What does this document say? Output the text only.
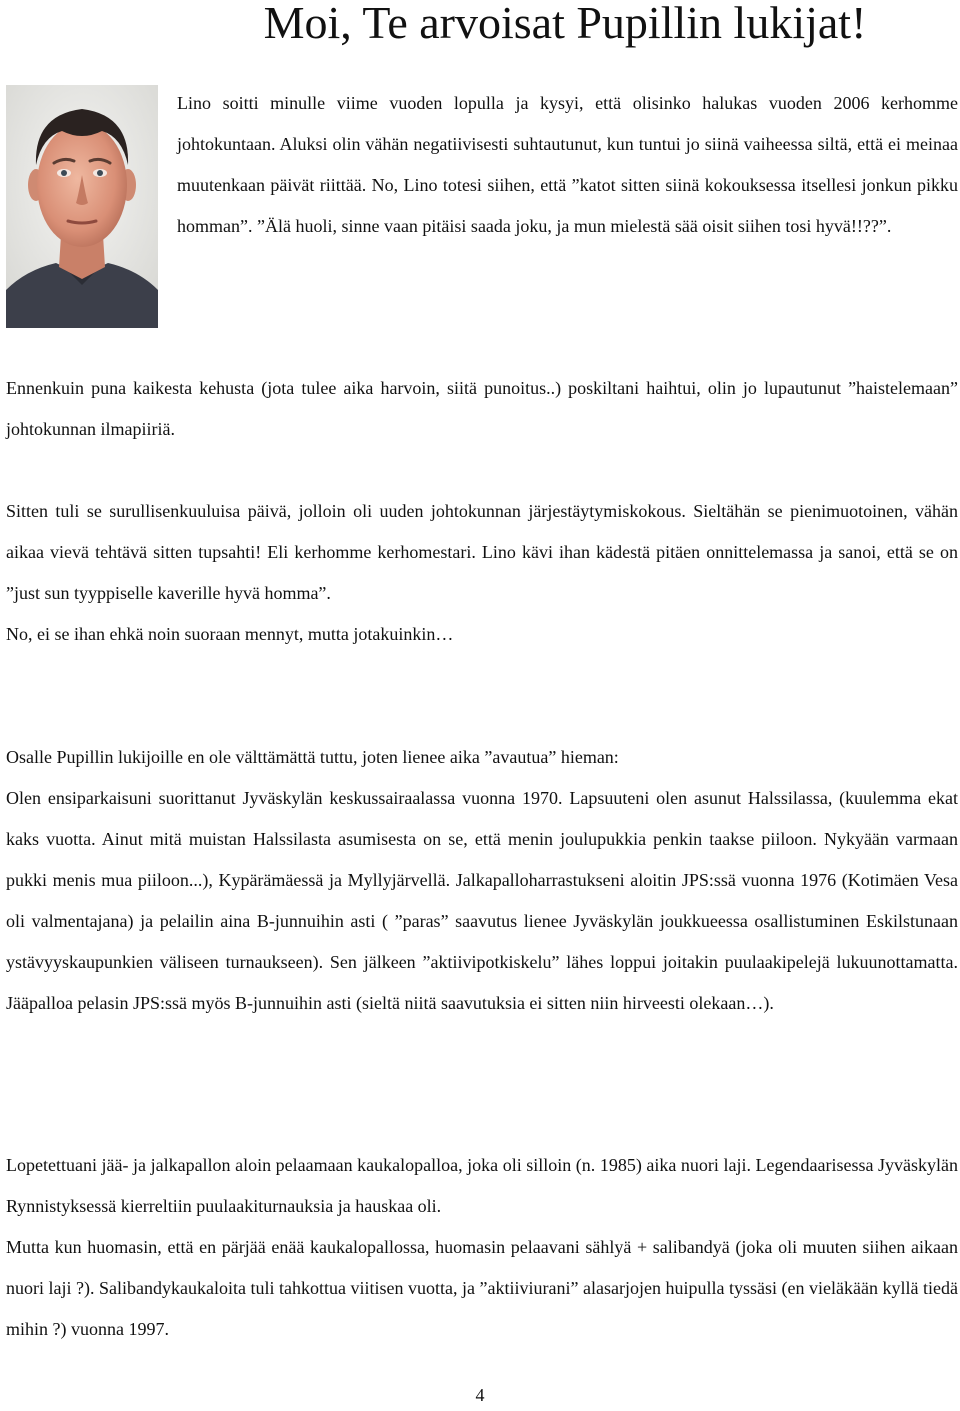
Moi, Te arvoisat Pupillin lukijat!

Lino soitti minulle viime vuoden lopulla ja kysyi, että olisinko halukas vuoden 2006 kerhomme johtokuntaan. Aluksi olin vähän negatiivisesti suhtautunut, kun tuntui jo siinä vaiheessa siltä, että ei meinaa muutenkaan päivät riittää. No, Lino totesi siihen, että ”katot sitten siinä kokouksessa itsellesi jonkun pikku homman”. ”Älä huoli, sinne vaan pitäisi saada joku, ja mun mielestä sää oisit siihen tosi hyvä!!??”.

Ennenkuin puna kaikesta kehusta (jota tulee aika harvoin, siitä punoitus..) poskiltani haihtui, olin jo lupautunut ”haistelemaan” johtokunnan ilmapiiriä.

Sitten tuli se surullisenkuuluisa päivä, jolloin oli uuden johtokunnan järjestäytymiskokous. Sieltähän se pienimuotoinen, vähän aikaa vievä tehtävä sitten tupsahti! Eli kerhomme kerhomestari. Lino kävi ihan kädestä pitäen onnittelemassa ja sanoi, että se on ”just sun tyyppiselle kaverille hyvä homma”.

No, ei se ihan ehkä noin suoraan mennyt, mutta jotakuinkin…

Osalle Pupillin lukijoille en ole välttämättä tuttu, joten lienee aika ”avautua” hieman:

Olen ensiparkaisuni suorittanut Jyväskylän keskussairaalassa vuonna 1970. Lapsuuteni olen asunut Halssilassa, (kuulemma ekat kaks vuotta. Ainut mitä muistan Halssilasta asumisesta on se, että menin joulupukkia penkin taakse piiloon. Nykyään varmaan pukki menis mua piiloon...), Kypärämäessä ja Myllyjärvellä. Jalkapalloharrastukseni aloitin JPS:ssä vuonna 1976 (Kotimäen Vesa oli valmentajana) ja pelailin aina B-junnuihin asti ( ”paras” saavutus lienee Jyväskylän joukkueessa osallistuminen Eskilstunaan ystävyyskaupunkien väliseen turnaukseen). Sen jälkeen ”aktiivipotkiskelu” lähes loppui joitakin puulaakipelejä lukuunottamatta. Jääpalloa pelasin JPS:ssä myös B-junnuihin asti (sieltä niitä saavutuksia ei sitten niin hirveesti olekaan…).

Lopetettuani jää- ja jalkapallon aloin pelaamaan kaukalopalloa, joka oli silloin (n. 1985) aika nuori laji. Legendaarisessa Jyväskylän Rynnistyksessä kierreltiin puulaakiturnauksia ja hauskaa oli.

Mutta kun huomasin, että en pärjää enää kaukalopallossa, huomasin pelaavani sählyä + salibandyä (joka oli muuten siihen aikaan nuori laji ?). Salibandykaukaloita tuli tahkottua viitisen vuotta, ja ”aktiiviurani” alasarjojen huipulla tyssäsi (en vieläkään kyllä tiedä mihin ?) vuonna 1997.

4
